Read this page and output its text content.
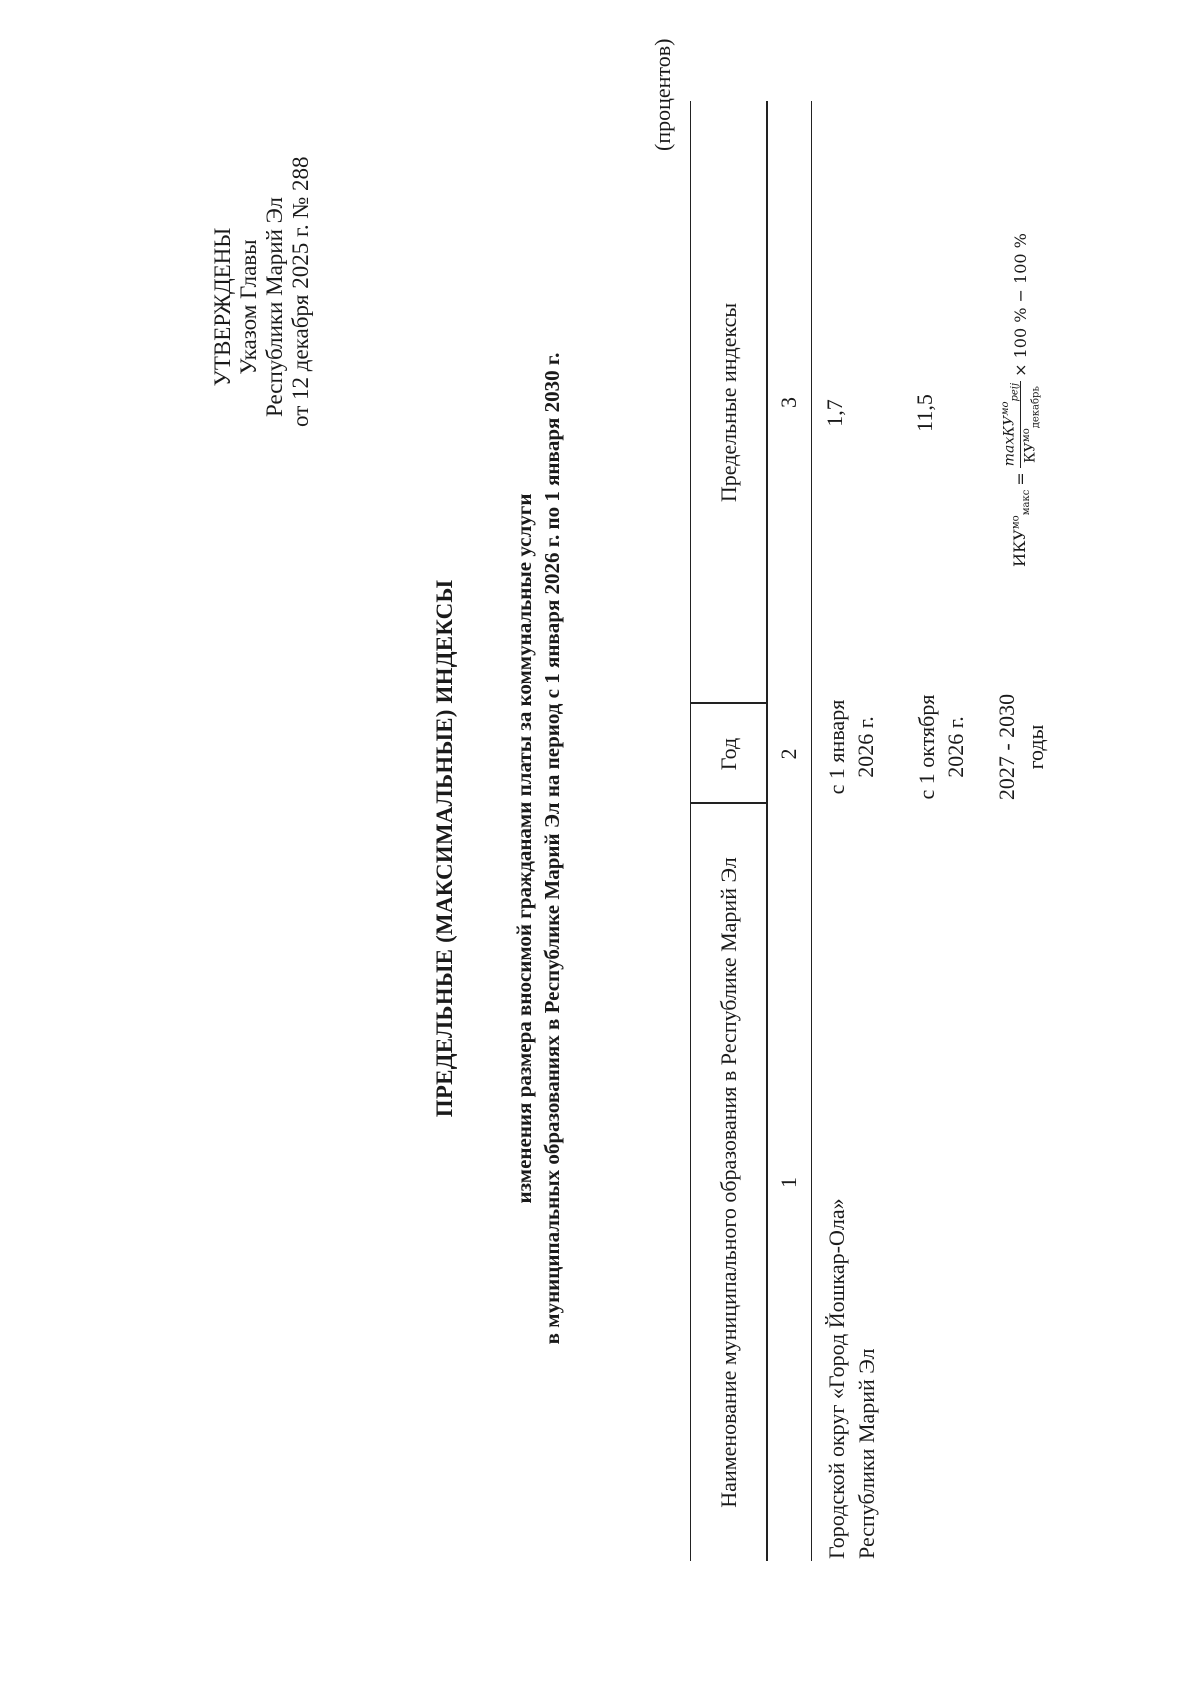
УТВЕРЖДЕНЫ Указом Главы Республики Марий Эл от 12 декабря 2025 г. № 288
ПРЕДЕЛЬНЫЕ (МАКСИМАЛЬНЫЕ) ИНДЕКСЫ	изменения размера вносимой гражданами платы за коммунальные услуги в муниципальных образованиях в Республике Марий Эл на период с 1 января 2026 г. по 1 января 2030 г.
(процентов)
Наименование муниципального образования в Республике Марий Эл
Год
Предельные индексы
1
2
3
Городской округ «Город Йошкар-Ола» Республики Марий Эл
с 1 января 2026 г.
1,7
с 1 октября 2026 г.
11,5
2027 - 2030 годы
$ИКУ^{мо}_{макс}$
=
maxКУ$^{мо}_{peij}$
$КУ^{мо}_{декабрь}$
× 100 % − 100 %
